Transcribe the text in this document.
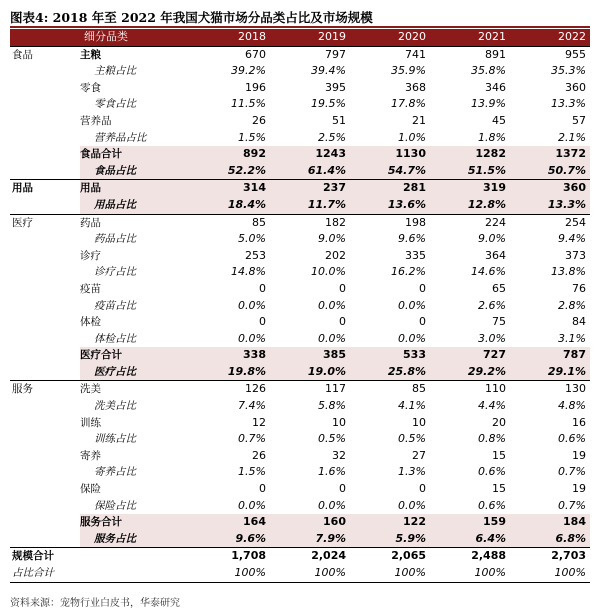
图表4: 2018 年至 2022 年我国犬猫市场分品类占比及市场规模
	细分品类	2018	2019	2020	2021	2022
食品	主粮	670	797	741	891	955
	主粮占比	39.2%	39.4%	35.9%	35.8%	35.3%
	零食	196	395	368	346	360
	零食占比	11.5%	19.5%	17.8%	13.9%	13.3%
	营养品	26	51	21	45	57
	营养品占比	1.5%	2.5%	1.0%	1.8%	2.1%
	食品合计	892	1243	1130	1282	1372
	食品占比	52.2%	61.4%	54.7%	51.5%	50.7%
用品	用品	314	237	281	319	360
	用品占比	18.4%	11.7%	13.6%	12.8%	13.3%
医疗	药品	85	182	198	224	254
	药品占比	5.0%	9.0%	9.6%	9.0%	9.4%
	诊疗	253	202	335	364	373
	诊疗占比	14.8%	10.0%	16.2%	14.6%	13.8%
	疫苗	0	0	0	65	76
	疫苗占比	0.0%	0.0%	0.0%	2.6%	2.8%
	体检	0	0	0	75	84
	体检占比	0.0%	0.0%	0.0%	3.0%	3.1%
	医疗合计	338	385	533	727	787
	医疗占比	19.8%	19.0%	25.8%	29.2%	29.1%
服务	洗美	126	117	85	110	130
	洗美占比	7.4%	5.8%	4.1%	4.4%	4.8%
	训练	12	10	10	20	16
	训练占比	0.7%	0.5%	0.5%	0.8%	0.6%
	寄养	26	32	27	15	19
	寄养占比	1.5%	1.6%	1.3%	0.6%	0.7%
	保险	0	0	0	15	19
	保险占比	0.0%	0.0%	0.0%	0.6%	0.7%
	服务合计	164	160	122	159	184
	服务占比	9.6%	7.9%	5.9%	6.4%	6.8%
规模合计		1,708	2,024	2,065	2,488	2,703
占比合计		100%	100%	100%	100%	100%
资料来源：宠物行业白皮书，华泰研究
